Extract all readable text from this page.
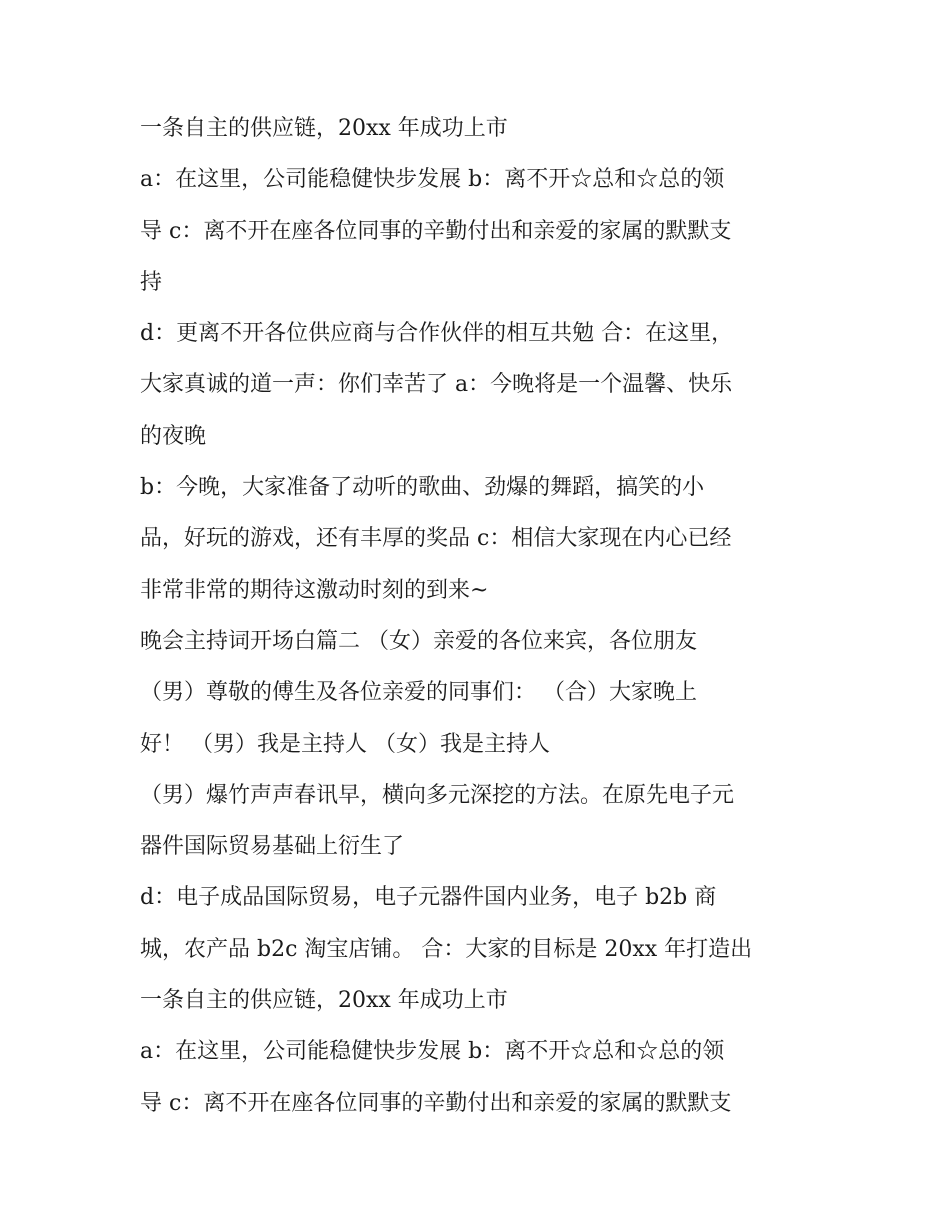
一条自主的供应链，20xx 年成功上市
a：在这里，公司能稳健快步发展 b：离不开☆总和☆总的领
导 c：离不开在座各位同事的辛勤付出和亲爱的家属的默默支
持
d：更离不开各位供应商与合作伙伴的相互共勉 合：在这里，
大家真诚的道一声：你们幸苦了 a：今晚将是一个温馨、快乐
的夜晚
b：今晚，大家准备了动听的歌曲、劲爆的舞蹈，搞笑的小
品，好玩的游戏，还有丰厚的奖品 c：相信大家现在内心已经
非常非常的期待这激动时刻的到来~
晚会主持词开场白篇二 （女）亲爱的各位来宾，各位朋友
（男）尊敬的傅生及各位亲爱的同事们： （合）大家晚上
好！ （男）我是主持人 （女）我是主持人
（男）爆竹声声春讯早，横向多元深挖的方法。在原先电子元
器件国际贸易基础上衍生了
d：电子成品国际贸易，电子元器件国内业务，电子 b2b 商
城，农产品 b2c 淘宝店铺。 合：大家的目标是 20xx 年打造出
一条自主的供应链，20xx 年成功上市
a：在这里，公司能稳健快步发展 b：离不开☆总和☆总的领
导 c：离不开在座各位同事的辛勤付出和亲爱的家属的默默支
